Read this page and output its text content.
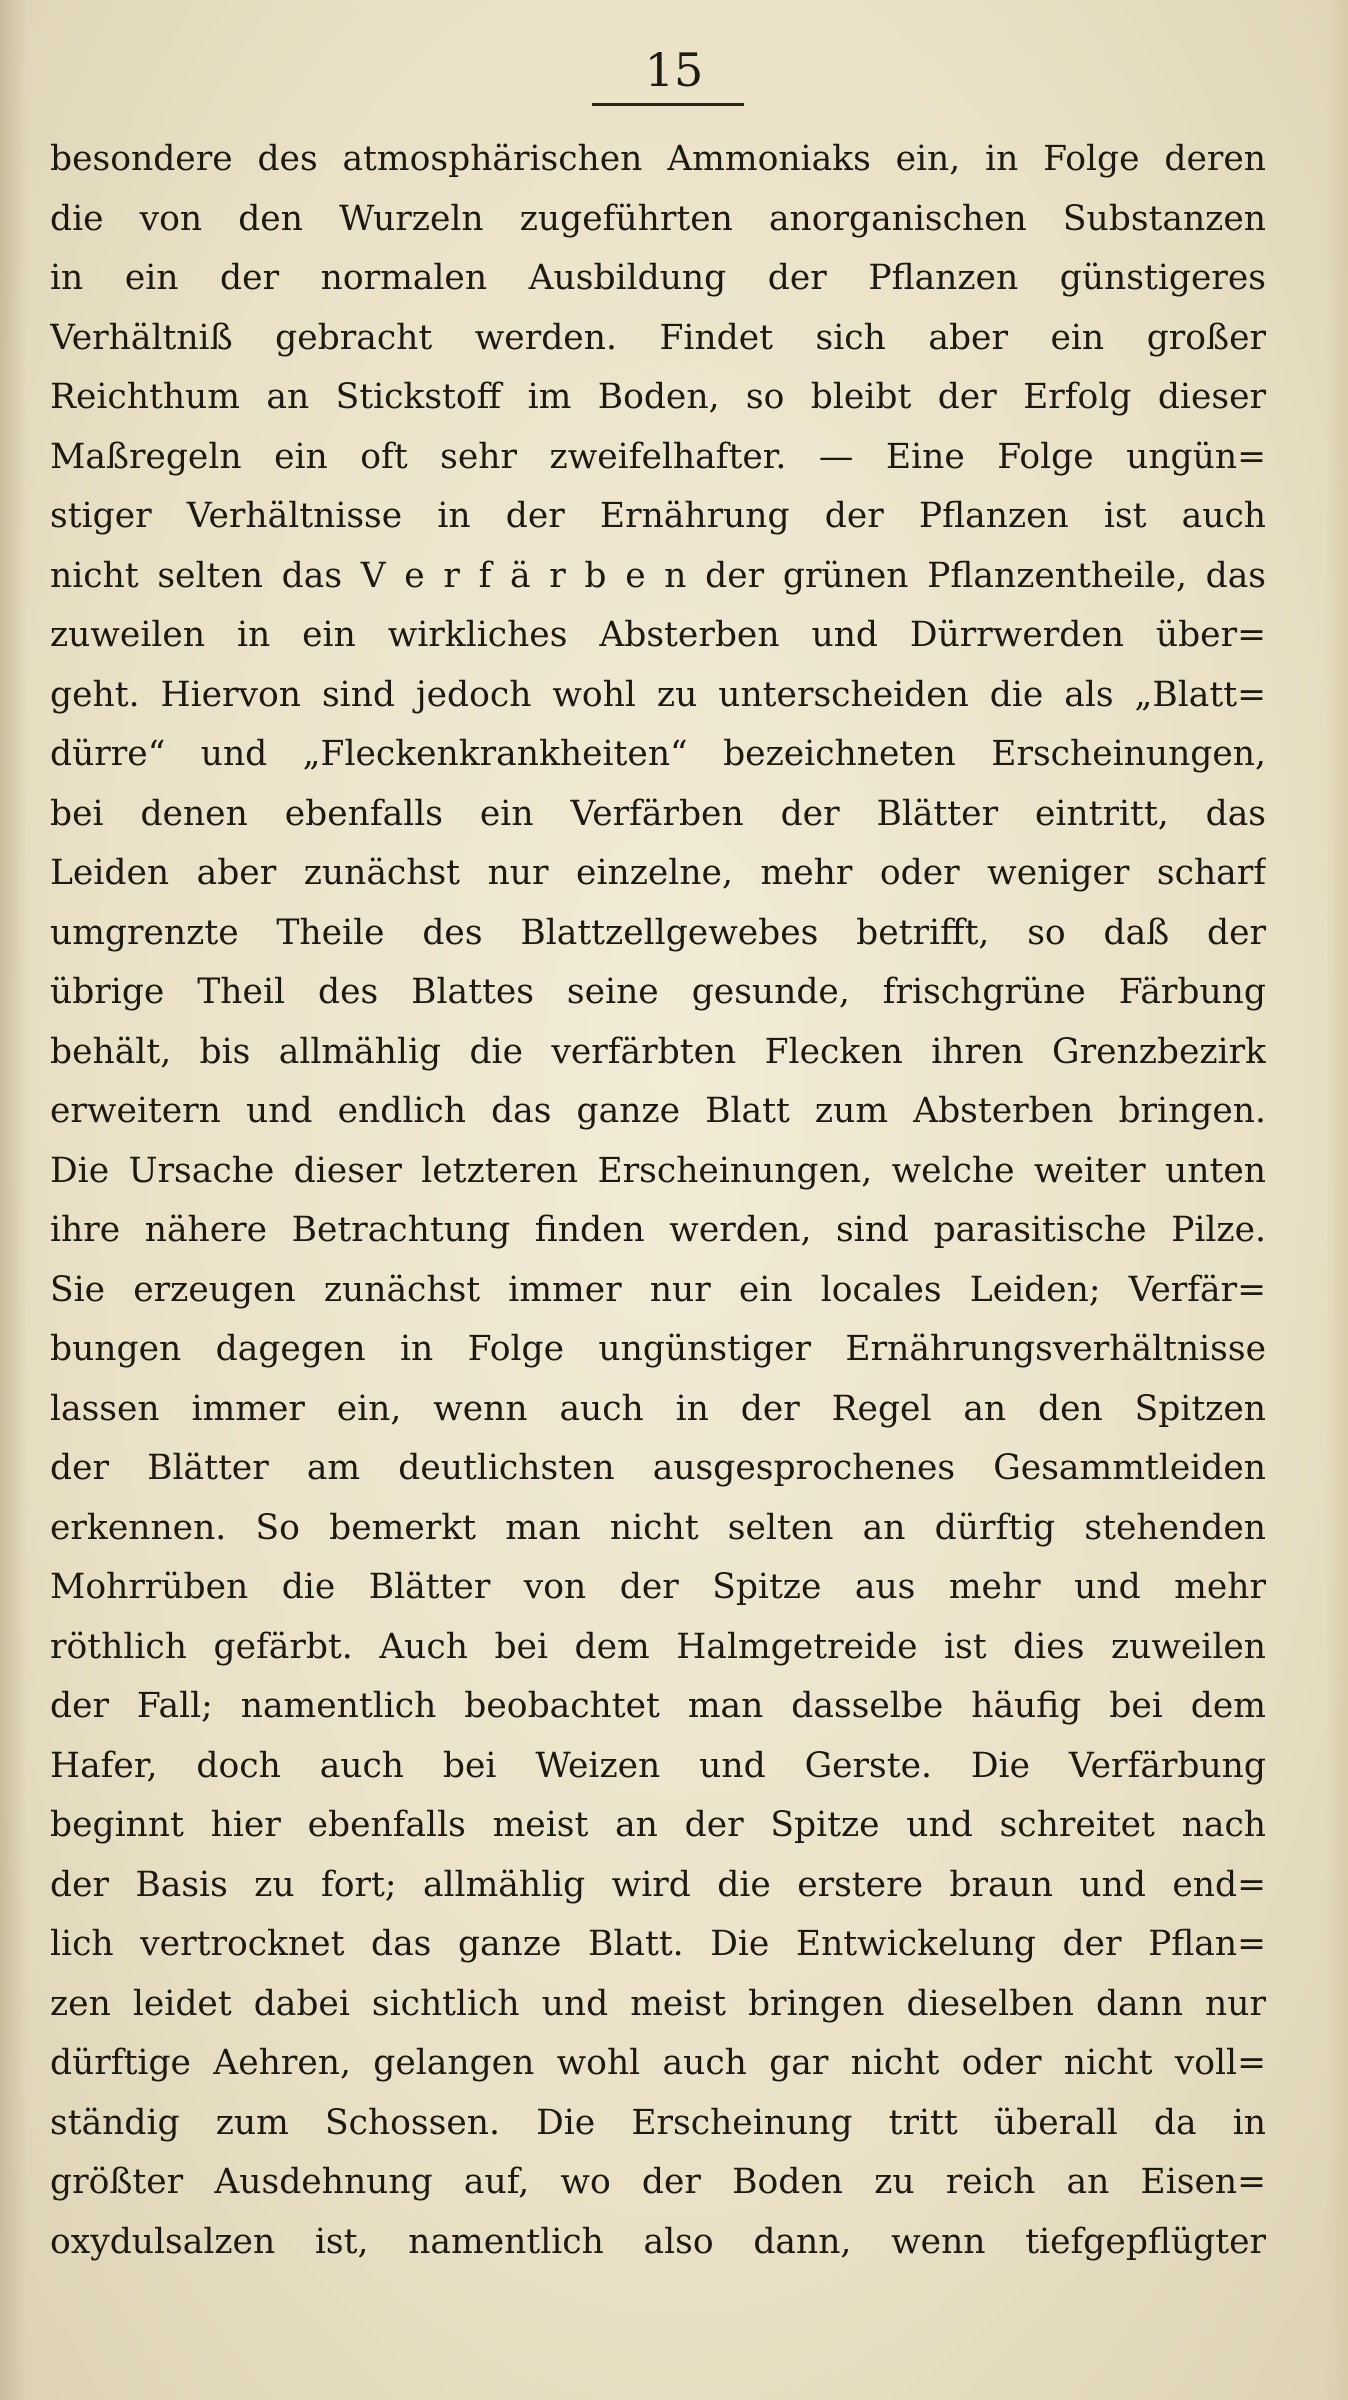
15
besondere des atmosphärischen Ammoniaks ein, in Folge deren
die von den Wurzeln zugeführten anorganischen Substanzen
in ein der normalen Ausbildung der Pflanzen günstigeres
Verhältniß gebracht werden. Findet sich aber ein großer
Reichthum an Stickstoff im Boden, so bleibt der Erfolg dieser
Maßregeln ein oft sehr zweifelhafter. — Eine Folge ungün=
stiger Verhältnisse in der Ernährung der Pflanzen ist auch
nicht selten das V e r f ä r b e n der grünen Pflanzentheile, das
zuweilen in ein wirkliches Absterben und Dürrwerden über=
geht. Hiervon sind jedoch wohl zu unterscheiden die als „Blatt=
dürre“ und „Fleckenkrankheiten“ bezeichneten Erscheinungen,
bei denen ebenfalls ein Verfärben der Blätter eintritt, das
Leiden aber zunächst nur einzelne, mehr oder weniger scharf
umgrenzte Theile des Blattzellgewebes betrifft, so daß der
übrige Theil des Blattes seine gesunde, frischgrüne Färbung
behält, bis allmählig die verfärbten Flecken ihren Grenzbezirk
erweitern und endlich das ganze Blatt zum Absterben bringen.
Die Ursache dieser letzteren Erscheinungen, welche weiter unten
ihre nähere Betrachtung finden werden, sind parasitische Pilze.
Sie erzeugen zunächst immer nur ein locales Leiden; Verfär=
bungen dagegen in Folge ungünstiger Ernährungsverhältnisse
lassen immer ein, wenn auch in der Regel an den Spitzen
der Blätter am deutlichsten ausgesprochenes Gesammtleiden
erkennen. So bemerkt man nicht selten an dürftig stehenden
Mohrrüben die Blätter von der Spitze aus mehr und mehr
röthlich gefärbt. Auch bei dem Halmgetreide ist dies zuweilen
der Fall; namentlich beobachtet man dasselbe häufig bei dem
Hafer, doch auch bei Weizen und Gerste. Die Verfärbung
beginnt hier ebenfalls meist an der Spitze und schreitet nach
der Basis zu fort; allmählig wird die erstere braun und end=
lich vertrocknet das ganze Blatt. Die Entwickelung der Pflan=
zen leidet dabei sichtlich und meist bringen dieselben dann nur
dürftige Aehren, gelangen wohl auch gar nicht oder nicht voll=
ständig zum Schossen. Die Erscheinung tritt überall da in
größter Ausdehnung auf, wo der Boden zu reich an Eisen=
oxydulsalzen ist, namentlich also dann, wenn tiefgepflügter
